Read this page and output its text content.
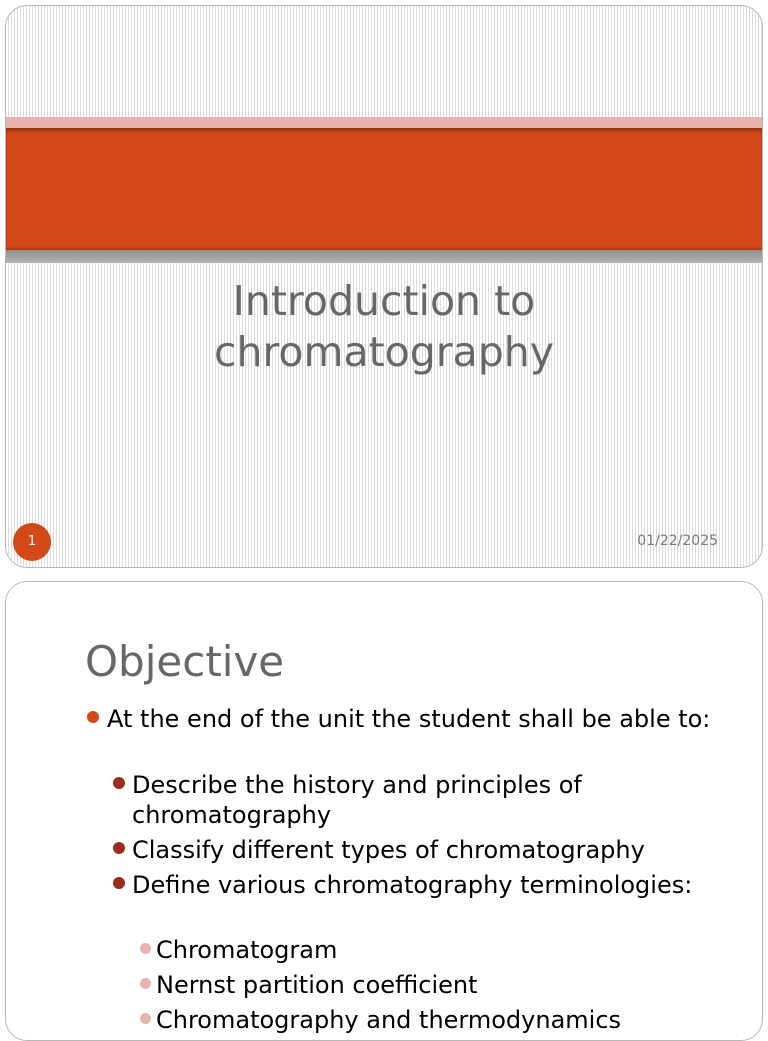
Introduction to
chromatography
1	01/22/2025
Objective
At the end of the unit the student shall be able to:
Describe the history and principles of chromatography
Classify different types of chromatography
Define various chromatography terminologies:
Chromatogram
Nernst partition coefficient
Chromatography and thermodynamics
